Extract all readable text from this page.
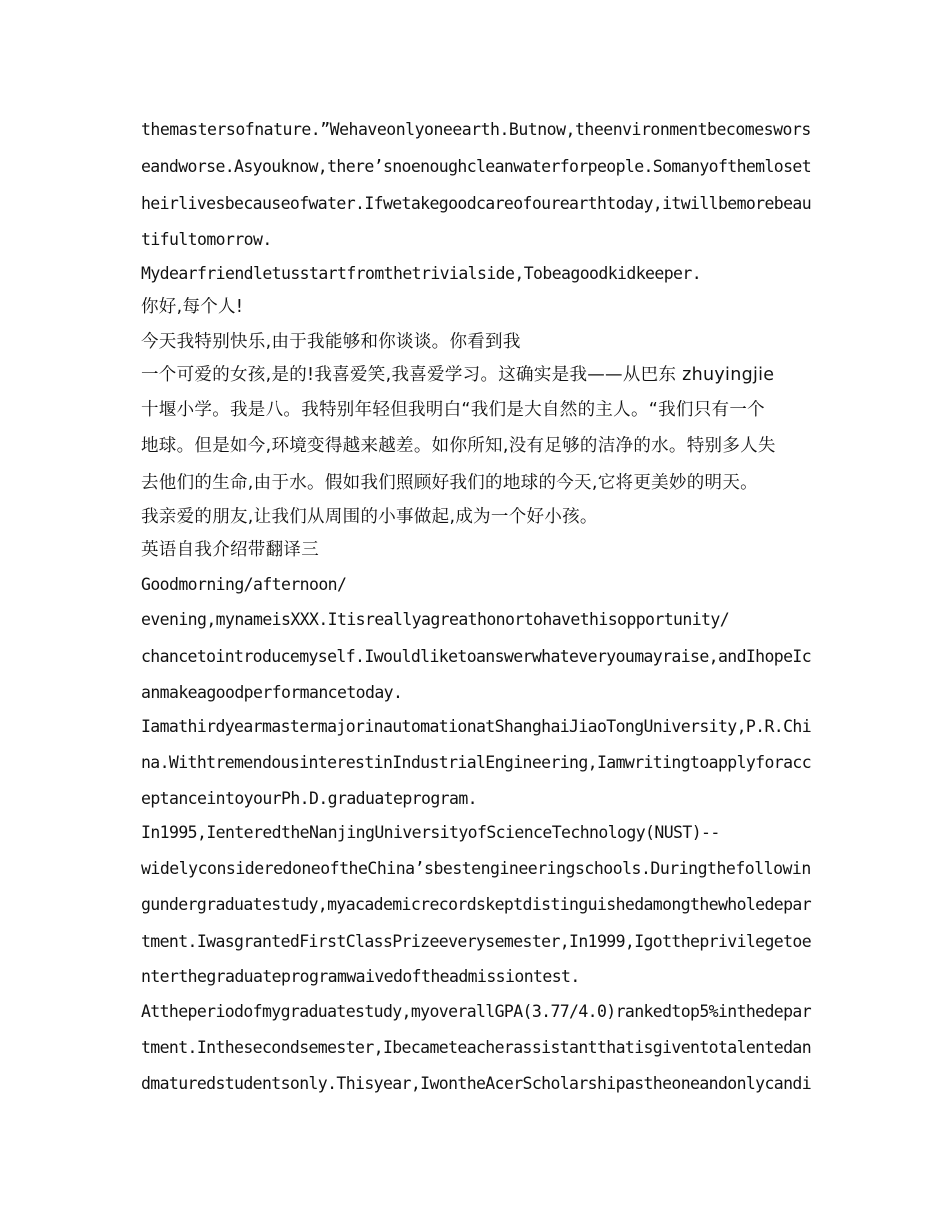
themastersofnature.”Wehaveonlyoneearth.Butnow,theenvironmentbecomeswors
eandworse.Asyouknow,there’snoenoughcleanwaterforpeople.Somanyofthemloset
heirlivesbecauseofwater.Ifwetakegoodcareofourearthtoday,itwillbemorebeau
tifultomorrow.
Mydearfriendletusstartfromthetrivialside,Tobeagoodkidkeeper.
你好,每个人!
今天我特别快乐,由于我能够和你谈谈。你看到我
一个可爱的女孩,是的!我喜爱笑,我喜爱学习。这确实是我——从巴东 zhuyingjie
十堰小学。我是八。我特别年轻但我明白“我们是大自然的主人。“我们只有一个
地球。但是如今,环境变得越来越差。如你所知,没有足够的洁净的水。特别多人失
去他们的生命,由于水。假如我们照顾好我们的地球的今天,它将更美妙的明天。
我亲爱的朋友,让我们从周围的小事做起,成为一个好小孩。
英语自我介绍带翻译三
Goodmorning/afternoon/
evening,mynameisXXX.Itisreallyagreathonortohavethisopportunity/
chancetointroducemyself.Iwouldliketoanswerwhateveryoumayraise,andIhopeIc
anmakeagoodperformancetoday.
IamathirdyearmastermajorinautomationatShanghaiJiaoTongUniversity,P.R.Chi
na.WithtremendousinterestinIndustrialEngineering,Iamwritingtoapplyforacc
eptanceintoyourPh.D.graduateprogram.
In1995,IenteredtheNanjingUniversityofScienceTechnology(NUST)--
widelyconsideredoneoftheChina’sbestengineeringschools.Duringthefollowin
gundergraduatestudy,myacademicrecordskeptdistinguishedamongthewholedepar
tment.IwasgrantedFirstClassPrizeeverysemester,In1999,Igottheprivilegetoe
nterthegraduateprogramwaivedoftheadmissiontest.
Attheperiodofmygraduatestudy,myoverallGPA(3.77/4.0)rankedtop5%inthedepar
tment.Inthesecondsemester,Ibecameteacherassistantthatisgiventotalentedan
dmaturedstudentsonly.Thisyear,IwontheAcerScholarshipastheoneandonlycandi
